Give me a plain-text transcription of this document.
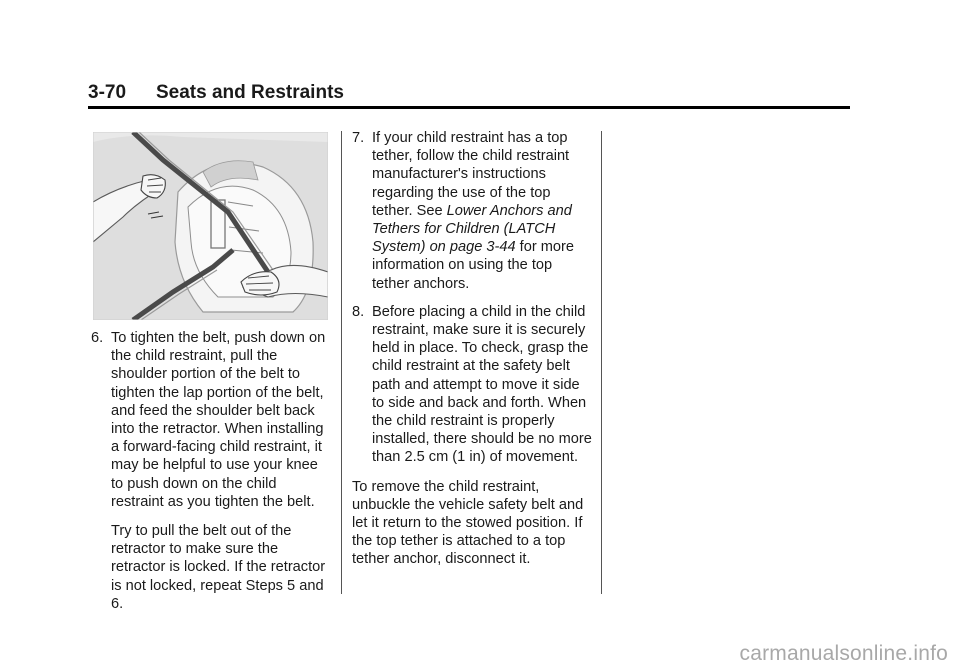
3-70 Seats and Restraints
6. To tighten the belt, push down on the child restraint, pull the shoulder portion of the belt to tighten the lap portion of the belt, and feed the shoulder belt back into the retractor. When installing a forward-facing child restraint, it may be helpful to use your knee to push down on the child restraint as you tighten the belt.

Try to pull the belt out of the retractor to make sure the retractor is locked. If the retractor is not locked, repeat Steps 5 and 6.

7. If your child restraint has a top tether, follow the child restraint manufacturer's instructions regarding the use of the top tether. See Lower Anchors and Tethers for Children (LATCH System) on page 3-44 for more information on using the top tether anchors.

8. Before placing a child in the child restraint, make sure it is securely held in place. To check, grasp the child restraint at the safety belt path and attempt to move it side to side and back and forth. When the child restraint is properly installed, there should be no more than 2.5 cm (1 in) of movement.

To remove the child restraint, unbuckle the vehicle safety belt and let it return to the stowed position. If the top tether is attached to a top tether anchor, disconnect it.

carmanualsonline.info
